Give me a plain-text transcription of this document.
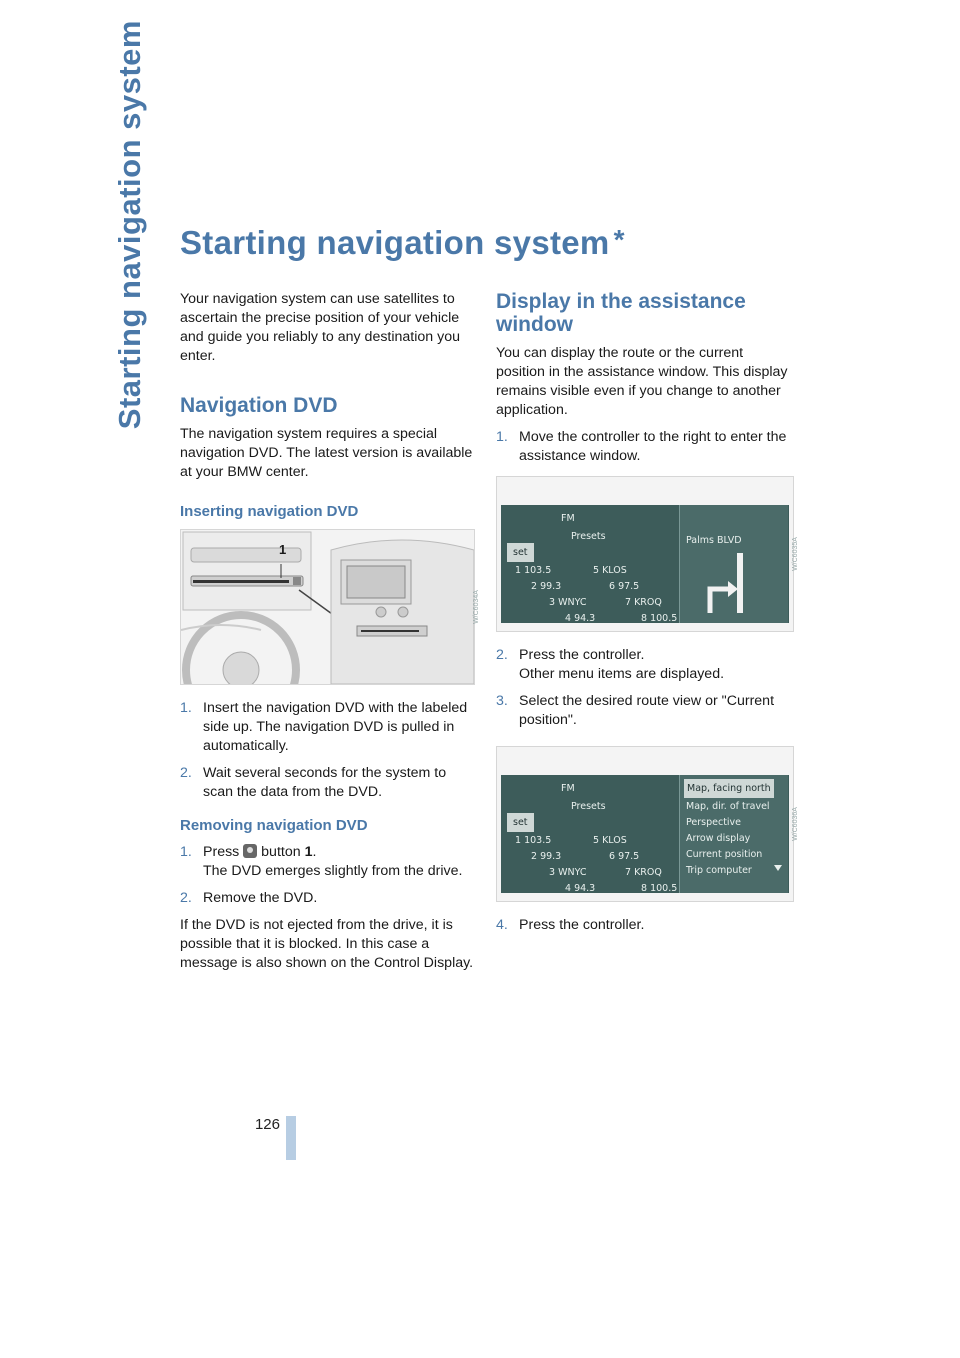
Starting navigation system Starting navigation system *

Your navigation system can use satellites to ascertain the precise position of your vehicle and guide you reliably to any destination you enter.

Navigation DVD

The navigation system requires a special navigation DVD. The latest version is available at your BMW center.

Inserting navigation DVD
1
W/C6034A
1. Insert the navigation DVD with the labeled side up. The navigation DVD is pulled in automatically.
2. Wait several seconds for the system to scan the data from the DVD.
Removing navigation DVD
1. Press button 1.
The DVD emerges slightly from the drive.
2. Remove the DVD.

If the DVD is not ejected from the drive, it is possible that it is blocked. In this case a message is also shown on the Control Display.

Display in the assistance window

You can display the route or the current position in the assistance window. This display remains visible even if you change to another application.

1. Move the controller to the right to enter the assistance window.
FM
Presets
set
1 103.5
2 99.3
3 WNYC
4 94.3
5 KLOS
6 97.5
7 KROQ
8 100.5
Palms BLVD	W/C6035A
2. Press the controller.
Other menu items are displayed.
3. Select the desired route view or "Current position".
FM
Presets
set
1 103.5
2 99.3
3 WNYC
4 94.3
5 KLOS
6 97.5
7 KROQ
8 100.5
Map, facing north
Map, dir. of travel
Perspective
Arrow display
Current position
Trip computer
W/C6036A
4. Press the controller.
126
